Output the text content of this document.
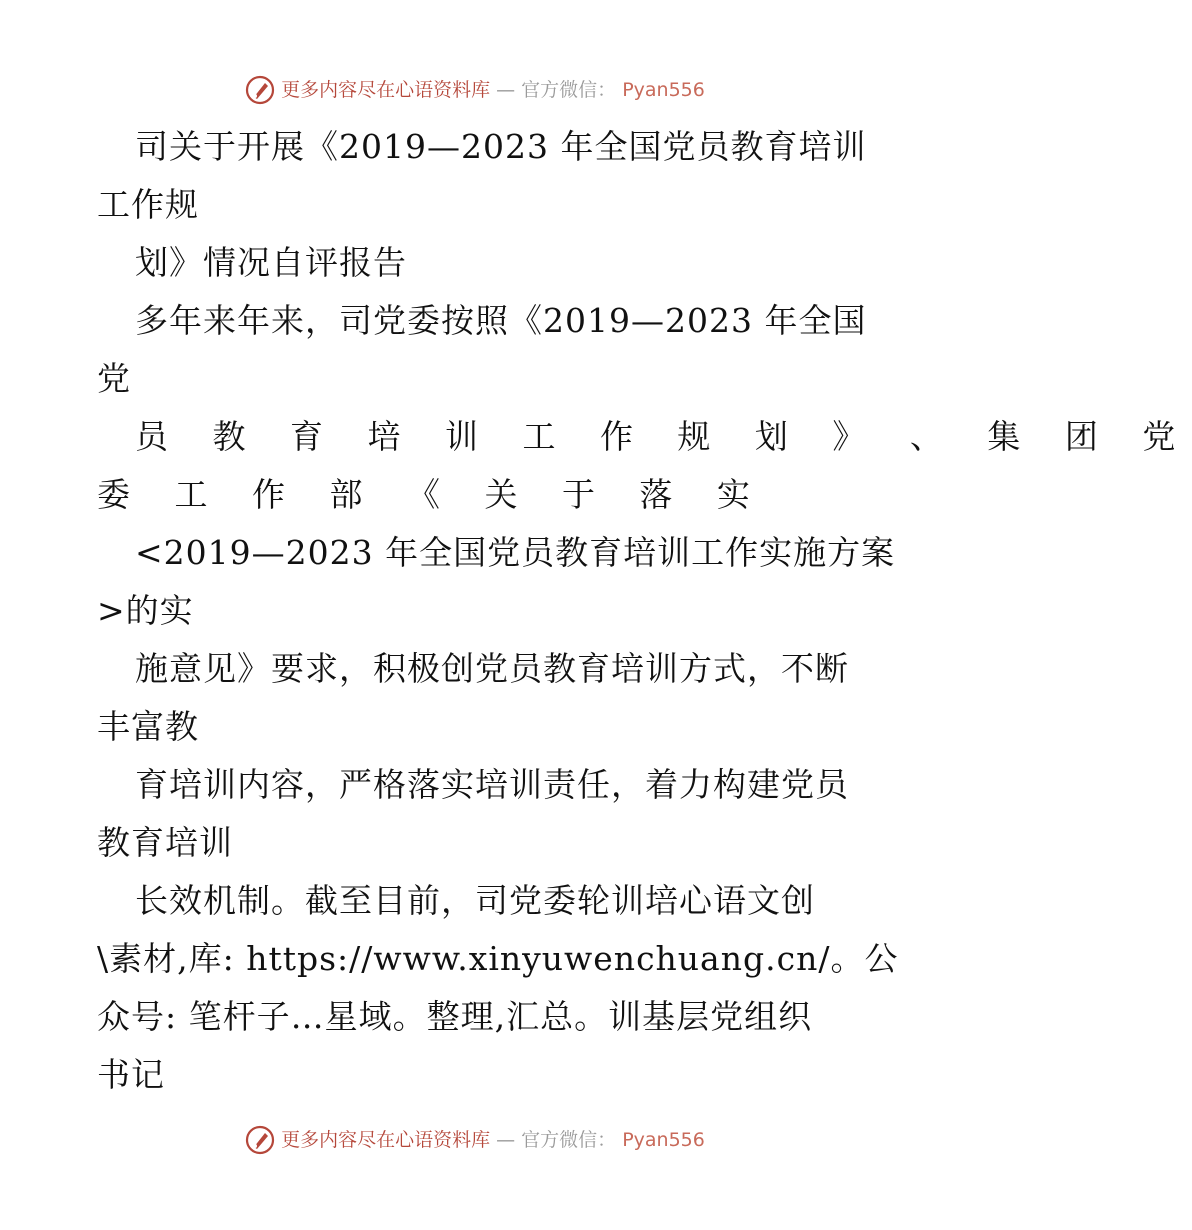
更多内容尽在心语资料库 — 官方微信： Pyan556
司关于开展《2019—2023 年全国党员教育培训
工作规
划》情况自评报告
多年来年来，司党委按照《2019—2023 年全国
党
员 教 育 培 训 工 作 规 划 》 、 集 团 党
委 工 作 部 《 关 于 落 实
<2019—2023 年全国党员教育培训工作实施方案
>的实
施意见》要求，积极创党员教育培训方式，不断
丰富教
育培训内容，严格落实培训责任，着力构建党员
教育培训
长效机制。截至目前，司党委轮训培心语文创
\素材,库: https://www.xinyuwenchuang.cn/。公
众号: 笔杆子…星域。整理,汇总。训基层党组织
书记
更多内容尽在心语资料库 — 官方微信： Pyan556
